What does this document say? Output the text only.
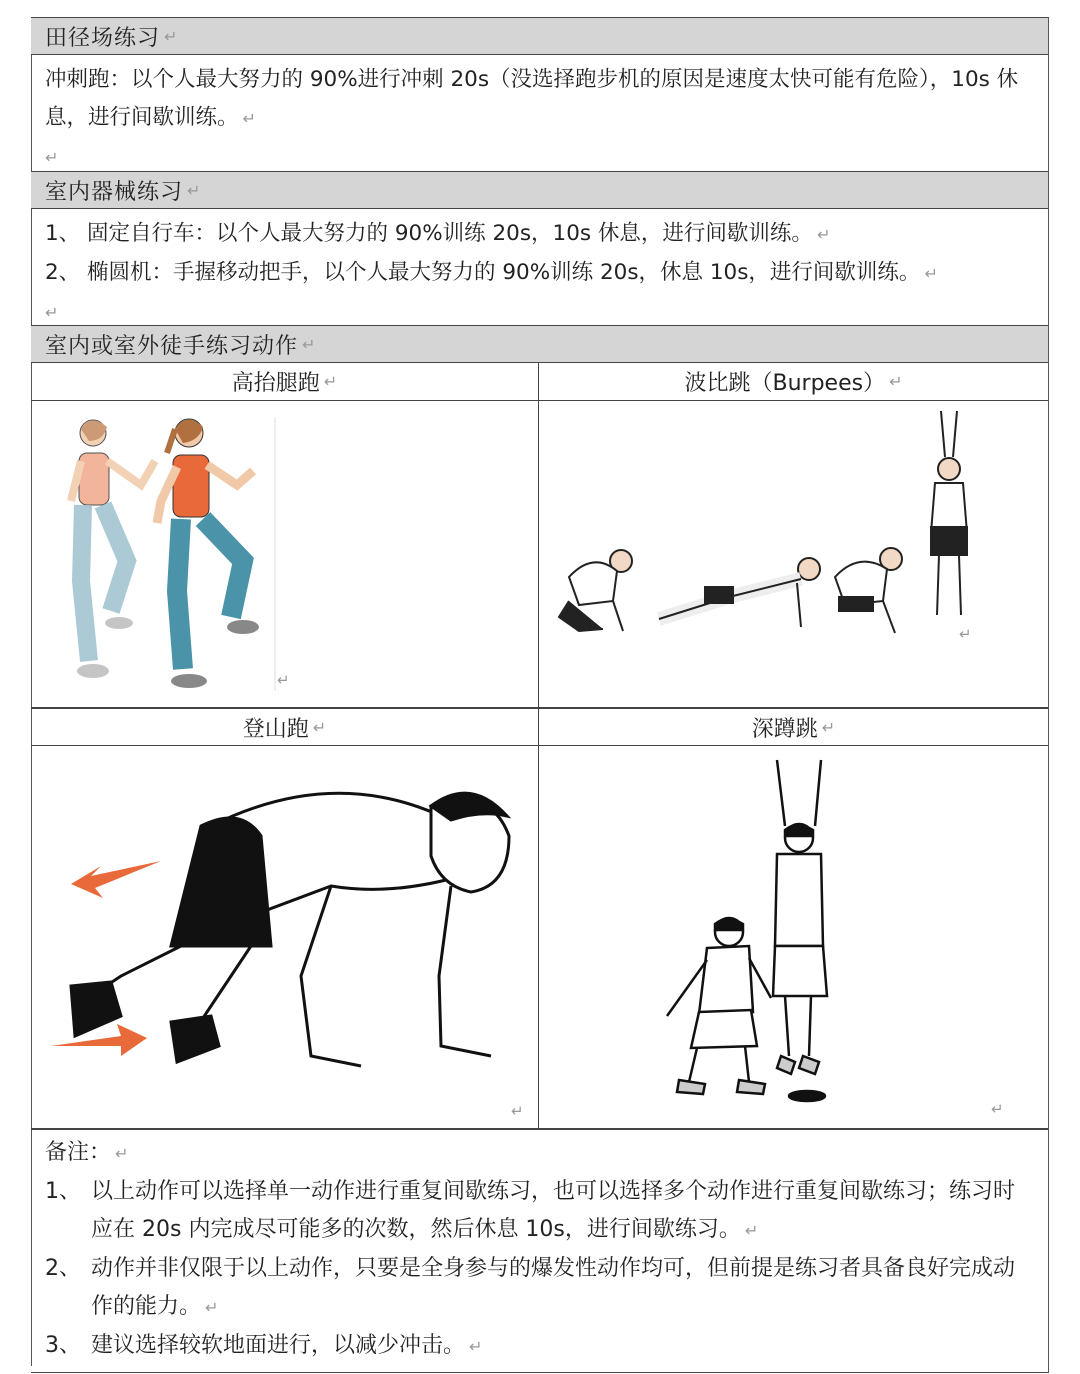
田径场练习 ↵
冲刺跑：以个人最大努力的 90%进行冲刺 20s（没选择跑步机的原因是速度太快可能有危险），10s 休息，进行间歇训练。 ↵
↵
室内器械练习 ↵
1、 固定自行车：以个人最大努力的 90%训练 20s，10s 休息，进行间歇训练。 ↵
2、 椭圆机：手握移动把手，以个人最大努力的 90%训练 20s，休息 10s，进行间歇训练。 ↵
↵
室内或室外徒手练习动作 ↵
高抬腿跑 ↵	波比跳（Burpees） ↵
↵
↵
登山跑 ↵	深蹲跳 ↵
↵	↵
备注： ↵
1、 以上动作可以选择单一动作进行重复间歇练习，也可以选择多个动作进行重复间歇练习；练习时应在 20s 内完成尽可能多的次数，然后休息 10s，进行间歇练习。 ↵
2、 动作并非仅限于以上动作，只要是全身参与的爆发性动作均可，但前提是练习者具备良好完成动作的能力。 ↵
3、 建议选择较软地面进行，以减少冲击。 ↵
